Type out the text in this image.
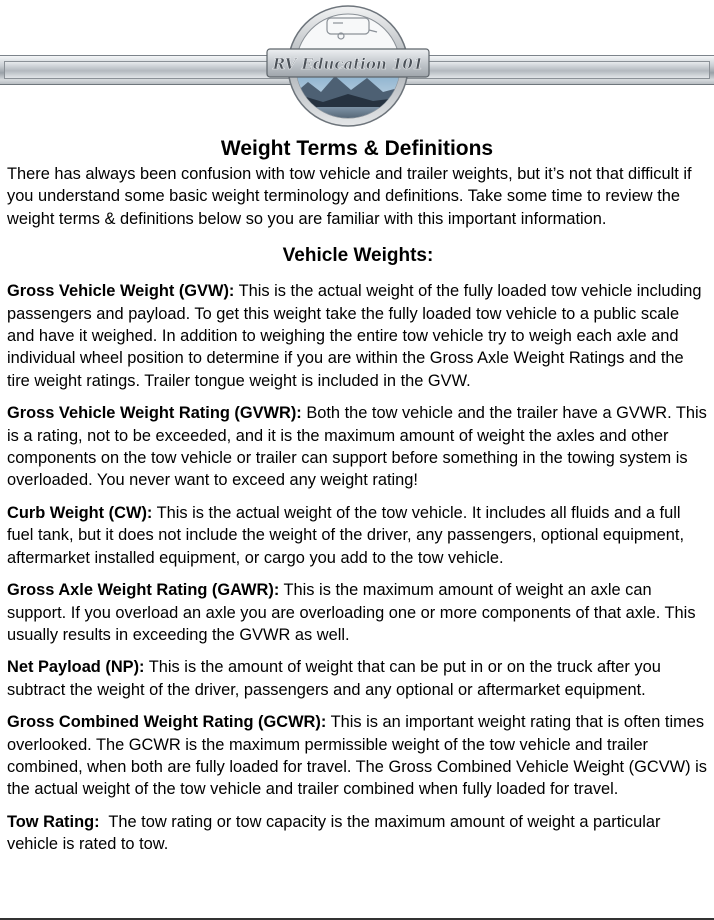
RV Education 101
Weight Terms & Definitions

There has always been confusion with tow vehicle and trailer weights, but it’s not that difficult if you understand some basic weight terminology and definitions. Take some time to review the weight terms & definitions below so you are familiar with this important information.

Vehicle Weights:

Gross Vehicle Weight (GVW): This is the actual weight of the fully loaded tow vehicle including passengers and payload. To get this weight take the fully loaded tow vehicle to a public scale and have it weighed. In addition to weighing the entire tow vehicle try to weigh each axle and individual wheel position to determine if you are within the Gross Axle Weight Ratings and the tire weight ratings. Trailer tongue weight is included in the GVW.

Gross Vehicle Weight Rating (GVWR): Both the tow vehicle and the trailer have a GVWR. This is a rating, not to be exceeded, and it is the maximum amount of weight the axles and other components on the tow vehicle or trailer can support before something in the towing system is overloaded. You never want to exceed any weight rating!

Curb Weight (CW): This is the actual weight of the tow vehicle. It includes all fluids and a full fuel tank, but it does not include the weight of the driver, any passengers, optional equipment, aftermarket installed equipment, or cargo you add to the tow vehicle.

Gross Axle Weight Rating (GAWR): This is the maximum amount of weight an axle can support. If you overload an axle you are overloading one or more components of that axle. This usually results in exceeding the GVWR as well.

Net Payload (NP): This is the amount of weight that can be put in or on the truck after you subtract the weight of the driver, passengers and any optional or aftermarket equipment.

Gross Combined Weight Rating (GCWR): This is an important weight rating that is often times overlooked. The GCWR is the maximum permissible weight of the tow vehicle and trailer combined, when both are fully loaded for travel. The Gross Combined Vehicle Weight (GCVW) is the actual weight of the tow vehicle and trailer combined when fully loaded for travel.

Tow Rating:  The tow rating or tow capacity is the maximum amount of weight a particular vehicle is rated to tow.
